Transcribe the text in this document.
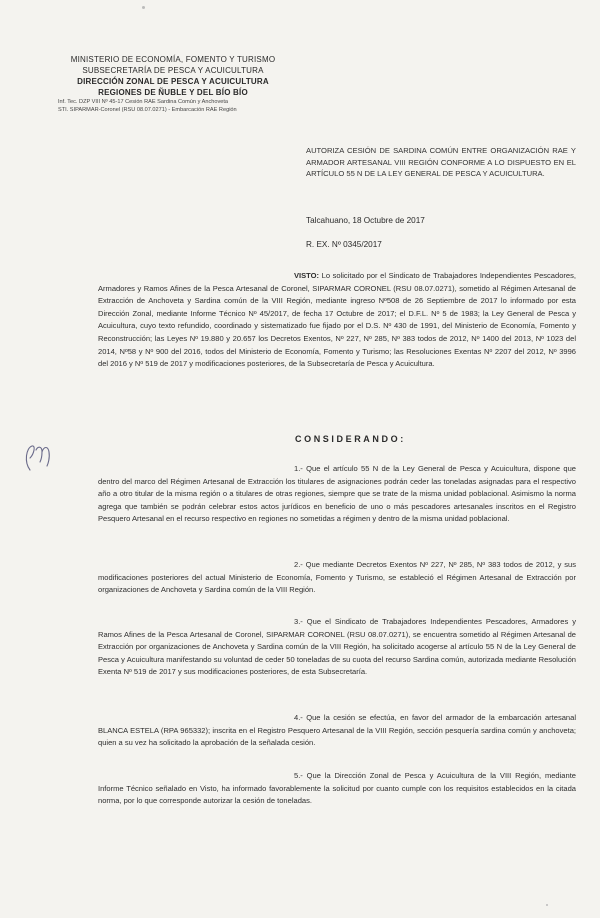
MINISTERIO DE ECONOMÍA, FOMENTO Y TURISMO
SUBSECRETARÍA DE PESCA Y ACUICULTURA
DIRECCIÓN ZONAL DE PESCA Y ACUICULTURA
REGIONES DE ÑUBLE Y DEL BÍO BÍO
Inf. Tec. DZP VIII Nº 45-17 Cesión RAE Sardina Común y Anchoveta
STI. SIPARMAR-Coronel (RSU 08.07.0271) - Embarcación RAE Región
AUTORIZA CESIÓN DE SARDINA COMÚN ENTRE ORGANIZACIÓN RAE Y ARMADOR ARTESANAL VIII REGIÓN CONFORME A LO DISPUESTO EN EL ARTÍCULO 55 N DE LA LEY GENERAL DE PESCA Y ACUICULTURA.
Talcahuano, 18 Octubre de 2017
R. EX. Nº 0345/2017
VISTO: Lo solicitado por el Sindicato de Trabajadores Independientes Pescadores, Armadores y Ramos Afines de la Pesca Artesanal de Coronel, SIPARMAR CORONEL (RSU 08.07.0271), sometido al Régimen Artesanal de Extracción de Anchoveta y Sardina común de la VIII Región, mediante ingreso Nº508 de 26 Septiembre de 2017 lo informado por esta Dirección Zonal, mediante Informe Técnico Nº 45/2017, de fecha 17 Octubre de 2017; el D.F.L. Nº 5 de 1983; la Ley General de Pesca y Acuicultura, cuyo texto refundido, coordinado y sistematizado fue fijado por el D.S. Nº 430 de 1991, del Ministerio de Economía, Fomento y Reconstrucción; las Leyes Nº 19.880 y 20.657 los Decretos Exentos, Nº 227, Nº 285, Nº 383 todos de 2012, Nº 1400 del 2013, Nº 1023 del 2014, Nº58 y Nº 900 del 2016, todos del Ministerio de Economía, Fomento y Turismo; las Resoluciones Exentas Nº 2207 del 2012, Nº 3996 del 2016 y Nº 519 de 2017 y modificaciones posteriores, de la Subsecretaría de Pesca y Acuicultura.
CONSIDERANDO:
1.- Que el artículo 55 N de la Ley General de Pesca y Acuicultura, dispone que dentro del marco del Régimen Artesanal de Extracción los titulares de asignaciones podrán ceder las toneladas asignadas para el respectivo año a otro titular de la misma región o a titulares de otras regiones, siempre que se trate de la misma unidad poblacional. Asimismo la norma agrega que también se podrán celebrar estos actos jurídicos en beneficio de uno o más pescadores artesanales inscritos en el Registro Pesquero Artesanal en el recurso respectivo en regiones no sometidas a régimen y dentro de la misma unidad poblacional.
2.- Que mediante Decretos Exentos Nº 227, Nº 285, Nº 383 todos de 2012, y sus modificaciones posteriores del actual Ministerio de Economía, Fomento y Turismo, se estableció el Régimen Artesanal de Extracción por organizaciones de Anchoveta y Sardina común de la VIII Región.
3.- Que el Sindicato de Trabajadores Independientes Pescadores, Armadores y Ramos Afines de la Pesca Artesanal de Coronel, SIPARMAR CORONEL (RSU 08.07.0271), se encuentra sometido al Régimen Artesanal de Extracción por organizaciones de Anchoveta y Sardina común de la VIII Región, ha solicitado acogerse al artículo 55 N de la Ley General de Pesca y Acuicultura manifestando su voluntad de ceder 50 toneladas de su cuota del recurso Sardina común, autorizada mediante Resolución Exenta Nº 519 de 2017 y sus modificaciones posteriores, de esta Subsecretaría.
4.- Que la cesión se efectúa, en favor del armador de la embarcación artesanal BLANCA ESTELA (RPA 965332); inscrita en el Registro Pesquero Artesanal de la VIII Región, sección pesquería sardina común y anchoveta; quien a su vez ha solicitado la aprobación de la señalada cesión.
5.- Que la Dirección Zonal de Pesca y Acuicultura de la VIII Región, mediante Informe Técnico señalado en Visto, ha informado favorablemente la solicitud por cuanto cumple con los requisitos establecidos en la citada norma, por lo que corresponde autorizar la cesión de toneladas.
